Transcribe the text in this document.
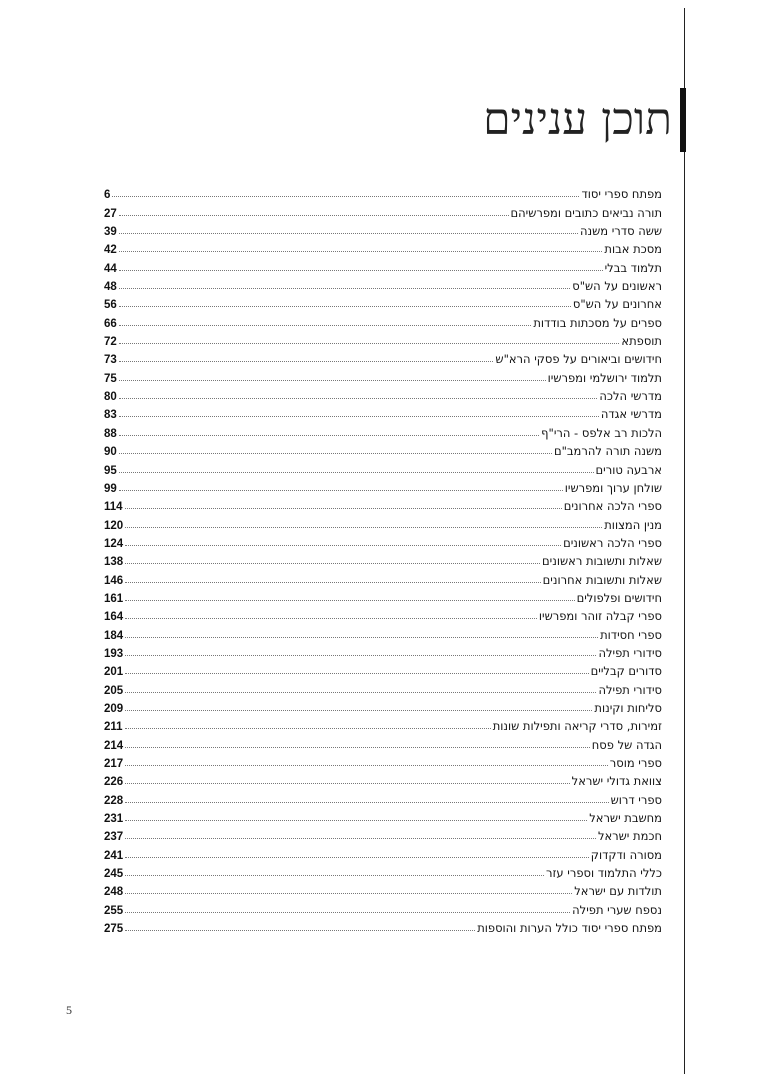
תוכן ענינים
מפתח ספרי יסוד
6
תורה נביאים כתובים ומפרשיהם
27
ששה סדרי משנה
39
מסכת אבות
42
תלמוד בבלי
44
ראשונים על הש"ס
48
אחרונים על הש"ס
56
ספרים על מסכתות בודדות
66
תוספתא
72
חידושים וביאורים על פסקי הרא"ש
73
תלמוד ירושלמי ומפרשיו
75
מדרשי הלכה
80
מדרשי אגדה
83
הלכות רב אלפס - הרי"ף
88
משנה תורה להרמב"ם
90
ארבעה טורים
95
שולחן ערוך ומפרשיו
99
ספרי הלכה אחרונים
114
מנין המצוות
120
ספרי הלכה ראשונים
124
שאלות ותשובות ראשונים
138
שאלות ותשובות אחרונים
146
חידושים ופלפולים
161
ספרי קבלה זוהר ומפרשיו
164
ספרי חסידות
184
סידורי תפילה
193
סדורים קבליים
201
סידורי תפילה
205
סליחות וקינות
209
זמירות, סדרי קריאה ותפילות שונות
211
הגדה של פסח
214
ספרי מוסר
217
צוואת גדולי ישראל
226
ספרי דרוש
228
מחשבת ישראל
231
חכמת ישראל
237
מסורה ודקדוק
241
כללי התלמוד וספרי עזר
245
תולדות עם ישראל
248
נספח שערי תפילה
255
מפתח ספרי יסוד כולל הערות והוספות
275
5
